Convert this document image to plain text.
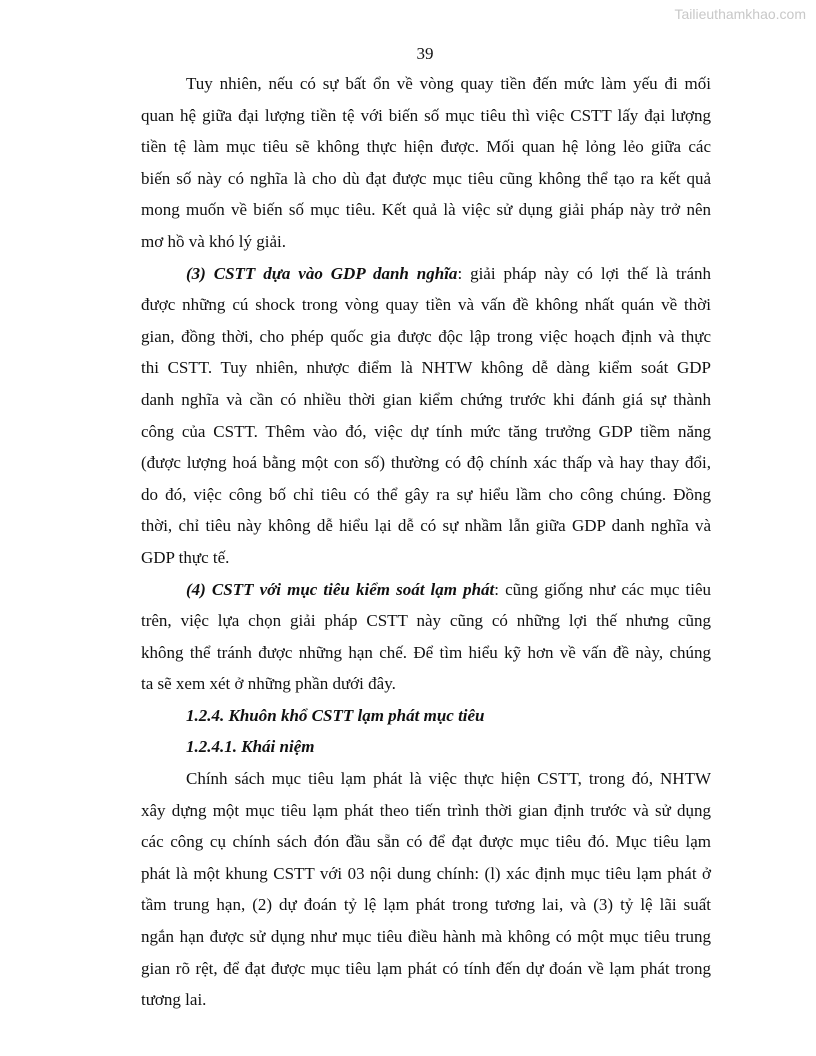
Tailieuthamkhao.com
39
Tuy nhiên, nếu có sự bất ổn về vòng quay tiền đến mức làm yếu đi mối
quan hệ giữa đại lượng tiền tệ với biến số mục tiêu thì việc CSTT lấy đại lượng
tiền tệ làm mục tiêu sẽ không thực hiện được. Mối quan hệ lỏng lẻo giữa các
biến số này có nghĩa là cho dù đạt được mục tiêu cũng không thể tạo ra kết quả
mong muốn về biến số mục tiêu. Kết quả là việc sử dụng giải pháp này trở nên
mơ hồ và khó lý giải.
(3) CSTT dựa vào GDP danh nghĩa: giải pháp này có lợi thế là tránh
được những cú shock trong vòng quay tiền và vấn đề không nhất quán về thời
gian, đồng thời, cho phép quốc gia được độc lập trong việc hoạch định và thực
thi CSTT. Tuy nhiên, nhược điểm là NHTW không dễ dàng kiểm soát GDP
danh nghĩa và cần có nhiều thời gian kiểm chứng trước khi đánh giá sự thành
công của CSTT. Thêm vào đó, việc dự tính mức tăng trưởng GDP tiềm năng
(được lượng hoá bằng một con số) thường có độ chính xác thấp và hay thay đổi,
do đó, việc công bố chỉ tiêu có thể gây ra sự hiểu lầm cho công chúng. Đồng
thời, chỉ tiêu này không dễ hiểu lại dễ có sự nhầm lẫn giữa GDP danh nghĩa và
GDP thực tế.
(4) CSTT với mục tiêu kiểm soát lạm phát: cũng giống như các mục tiêu
trên, việc lựa chọn giải pháp CSTT này cũng có những lợi thế nhưng cũng
không thể tránh được những hạn chế. Để tìm hiểu kỹ hơn về vấn đề này, chúng
ta sẽ xem xét ở những phần dưới đây.
1.2.4. Khuôn khổ CSTT lạm phát mục tiêu
1.2.4.1. Khái niệm
Chính sách mục tiêu lạm phát là việc thực hiện CSTT, trong đó, NHTW
xây dựng một mục tiêu lạm phát theo tiến trình thời gian định trước và sử dụng
các công cụ chính sách đón đầu sẵn có để đạt được mục tiêu đó. Mục tiêu lạm
phát là một khung CSTT với 03 nội dung chính: (l) xác định mục tiêu lạm phát ở
tầm trung hạn, (2) dự đoán tỷ lệ lạm phát trong tương lai, và (3) tỷ lệ lãi suất
ngắn hạn được sử dụng như mục tiêu điều hành mà không có một mục tiêu trung
gian rõ rệt, để đạt được mục tiêu lạm phát có tính đến dự đoán về lạm phát trong
tương lai.
